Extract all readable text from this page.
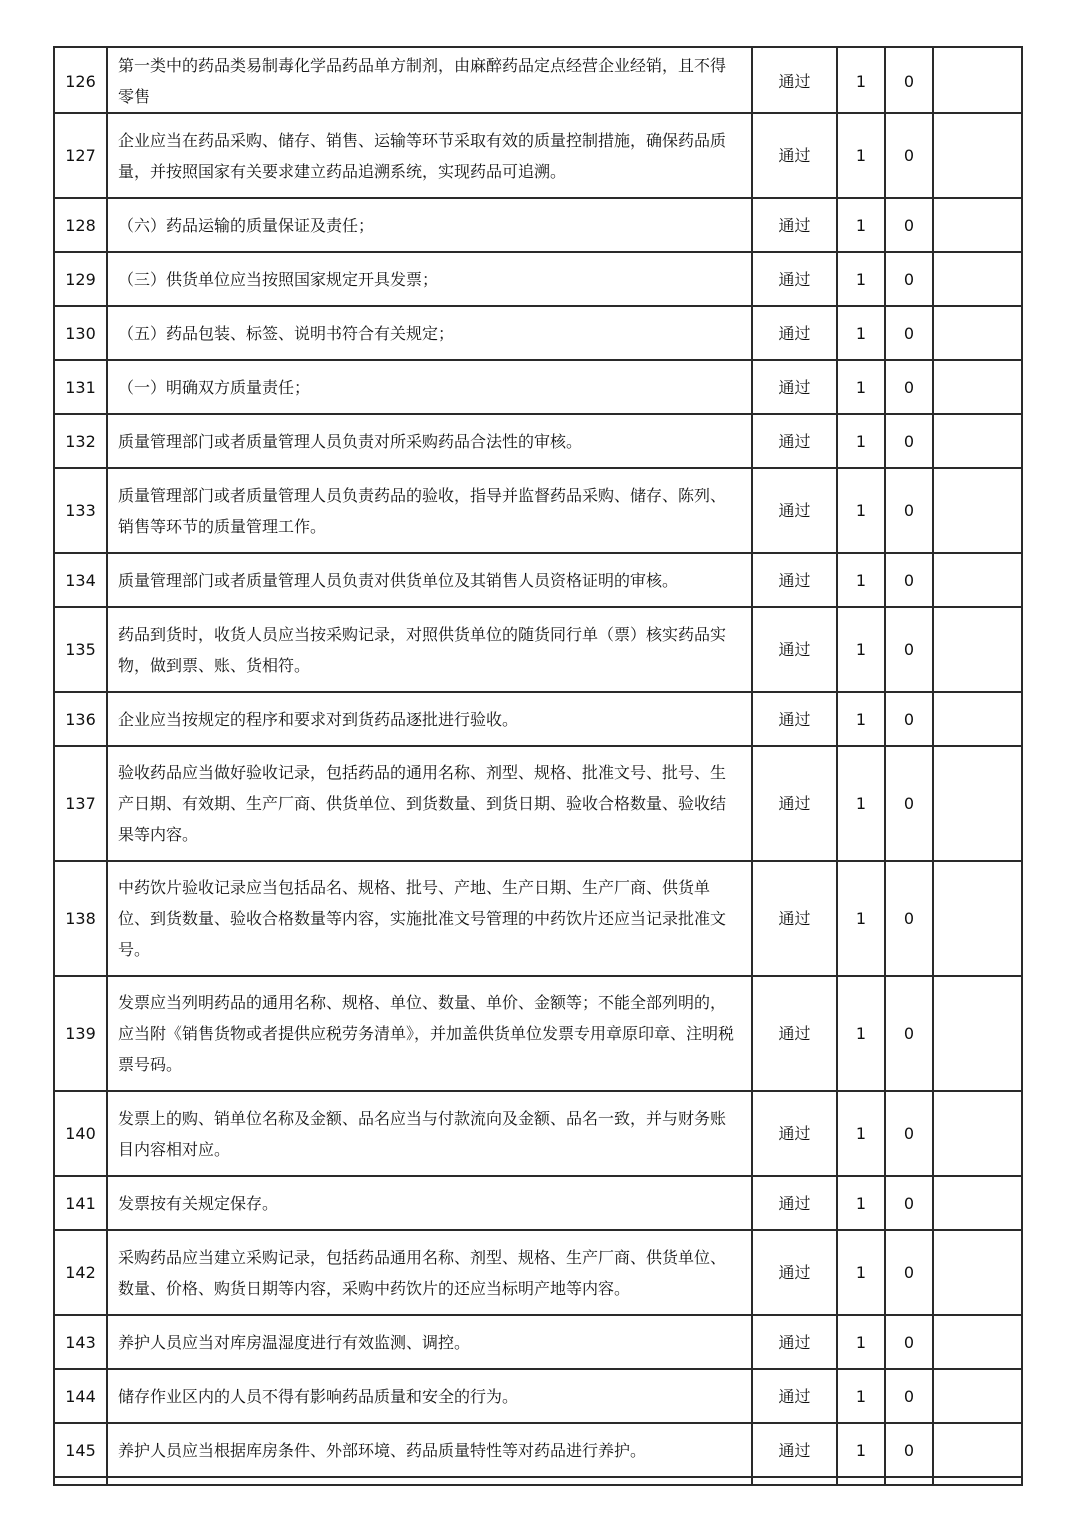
126	第一类中的药品类易制毒化学品药品单方制剂，由麻醉药品定点经营企业经销，且不得零售	通过	1	0	
127	企业应当在药品采购、储存、销售、运输等环节采取有效的质量控制措施，确保药品质量，并按照国家有关要求建立药品追溯系统，实现药品可追溯。	通过	1	0	
128	（六）药品运输的质量保证及责任；	通过	1	0	
129	（三）供货单位应当按照国家规定开具发票；	通过	1	0	
130	（五）药品包装、标签、说明书符合有关规定；	通过	1	0	
131	（一）明确双方质量责任；	通过	1	0	
132	质量管理部门或者质量管理人员负责对所采购药品合法性的审核。	通过	1	0	
133	质量管理部门或者质量管理人员负责药品的验收，指导并监督药品采购、储存、陈列、销售等环节的质量管理工作。	通过	1	0	
134	质量管理部门或者质量管理人员负责对供货单位及其销售人员资格证明的审核。	通过	1	0	
135	药品到货时，收货人员应当按采购记录，对照供货单位的随货同行单（票）核实药品实物，做到票、账、货相符。	通过	1	0	
136	企业应当按规定的程序和要求对到货药品逐批进行验收。	通过	1	0	
137	验收药品应当做好验收记录，包括药品的通用名称、剂型、规格、批准文号、批号、生产日期、有效期、生产厂商、供货单位、到货数量、到货日期、验收合格数量、验收结果等内容。	通过	1	0	
138	中药饮片验收记录应当包括品名、规格、批号、产地、生产日期、生产厂商、供货单位、到货数量、验收合格数量等内容，实施批准文号管理的中药饮片还应当记录批准文号。	通过	1	0	
139	发票应当列明药品的通用名称、规格、单位、数量、单价、金额等；不能全部列明的，应当附《销售货物或者提供应税劳务清单》，并加盖供货单位发票专用章原印章、注明税票号码。	通过	1	0	
140	发票上的购、销单位名称及金额、品名应当与付款流向及金额、品名一致，并与财务账目内容相对应。	通过	1	0	
141	发票按有关规定保存。	通过	1	0	
142	采购药品应当建立采购记录，包括药品通用名称、剂型、规格、生产厂商、供货单位、数量、价格、购货日期等内容，采购中药饮片的还应当标明产地等内容。	通过	1	0	
143	养护人员应当对库房温湿度进行有效监测、调控。	通过	1	0	
144	储存作业区内的人员不得有影响药品质量和安全的行为。	通过	1	0	
145	养护人员应当根据库房条件、外部环境、药品质量特性等对药品进行养护。	通过	1	0	
